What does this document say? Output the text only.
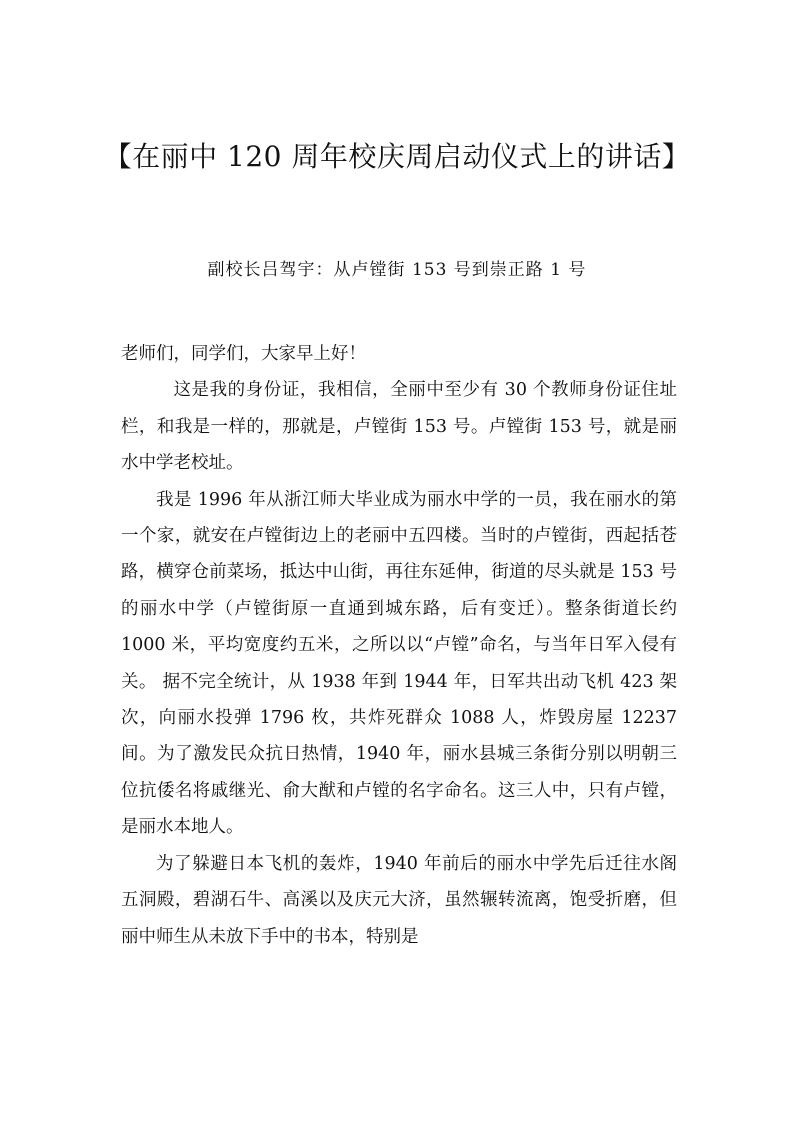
【在丽中 120 周年校庆周启动仪式上的讲话】
副校长吕驾宇：从卢镗街 153 号到崇正路 1 号

老师们，同学们，大家早上好！

这是我的身份证，我相信，全丽中至少有 30 个教师身份证住址栏，和我是一样的，那就是，卢镗街 153 号。卢镗街 153 号，就是丽水中学老校址。

我是 1996 年从浙江师大毕业成为丽水中学的一员，我在丽水的第一个家，就安在卢镗街边上的老丽中五四楼。当时的卢镗街，西起括苍路，横穿仓前菜场，抵达中山街，再往东延伸，街道的尽头就是 153 号的丽水中学（卢镗街原一直通到城东路，后有变迁）。整条街道长约 1000 米，平均宽度约五米，之所以以“卢镗”命名，与当年日军入侵有关。 据不完全统计，从 1938 年到 1944 年，日军共出动飞机 423 架次，向丽水投弹 1796 枚，共炸死群众 1088 人，炸毁房屋 12237 间。为了激发民众抗日热情，1940 年，丽水县城三条街分别以明朝三位抗倭名将戚继光、俞大猷和卢镗的名字命名。这三人中，只有卢镗，是丽水本地人。

为了躲避日本飞机的轰炸，1940 年前后的丽水中学先后迁往水阁五洞殿，碧湖石牛、高溪以及庆元大济，虽然辗转流离，饱受折磨，但丽中师生从未放下手中的书本，特别是
